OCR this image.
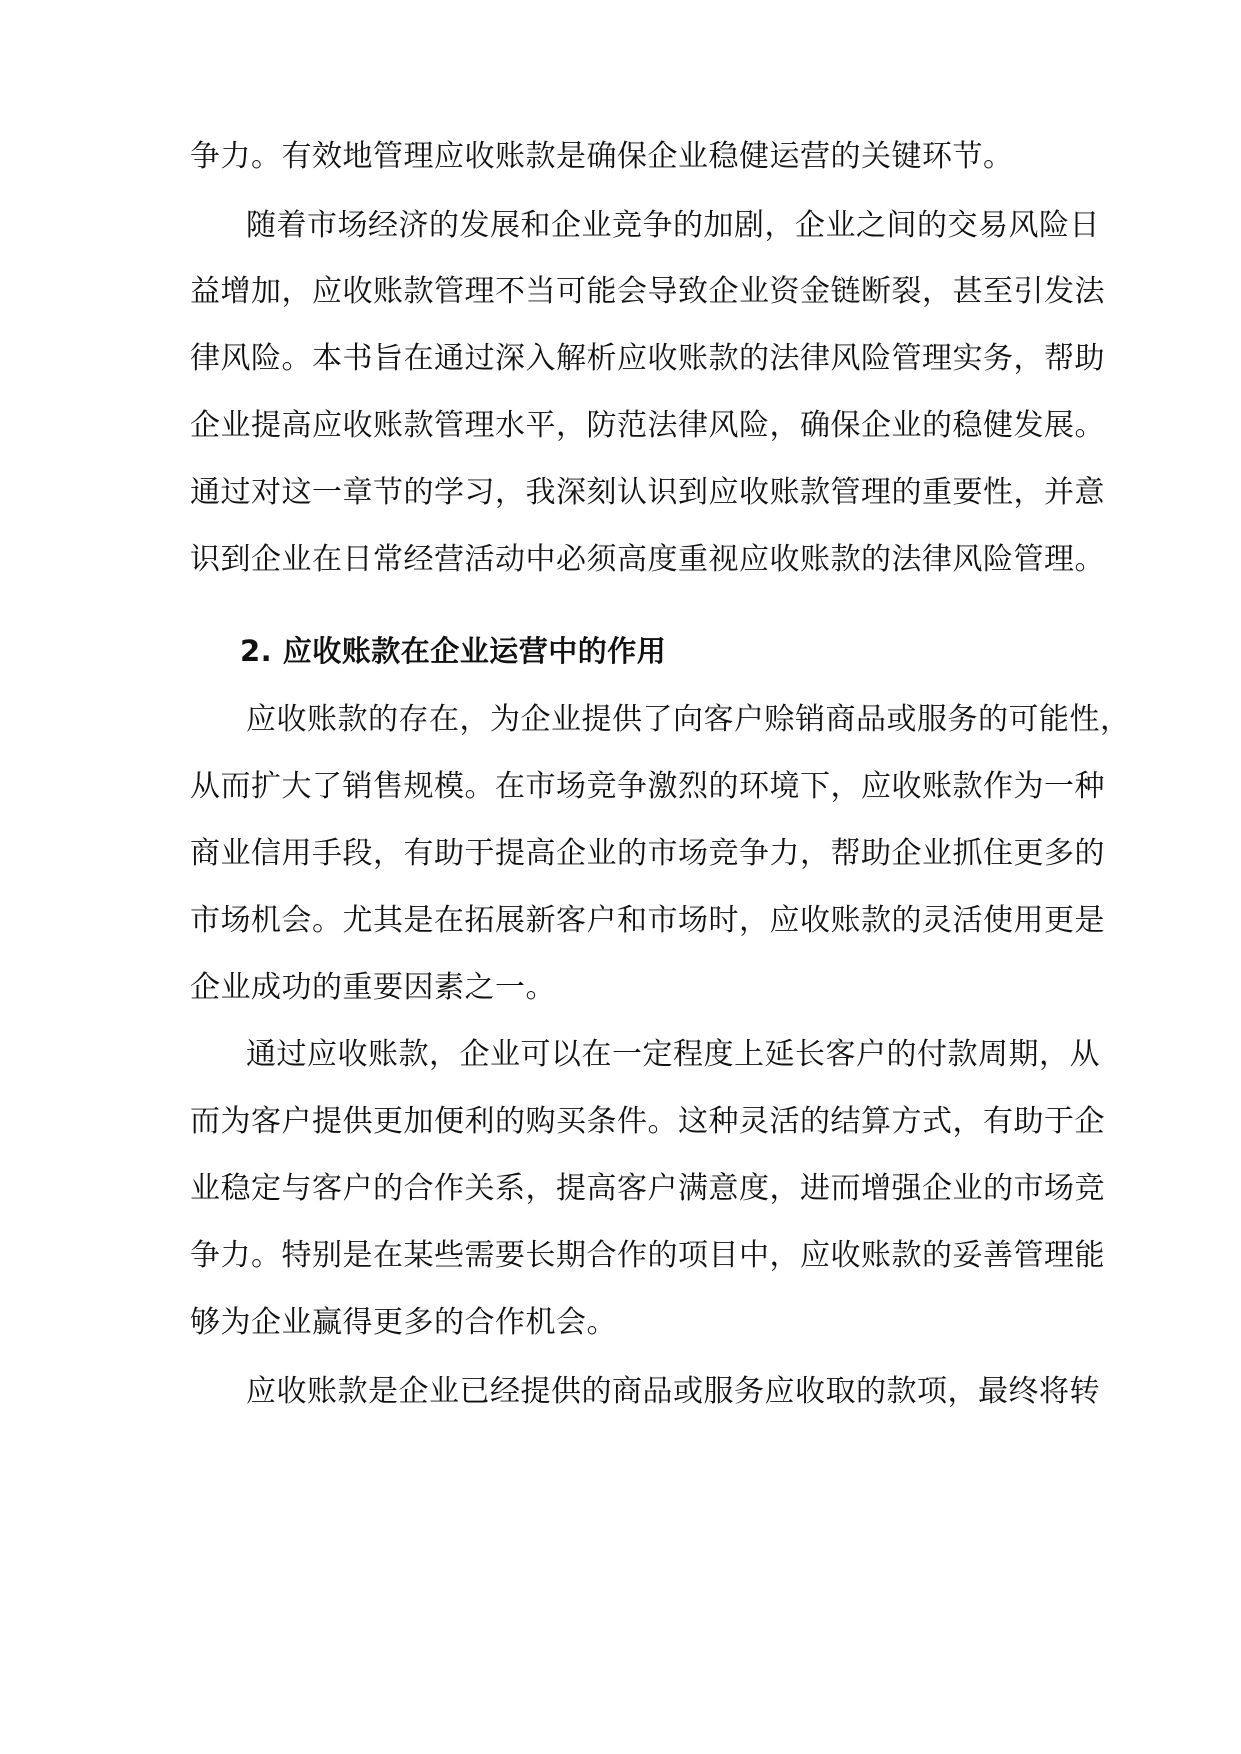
争力。有效地管理应收账款是确保企业稳健运营的关键环节。
随着市场经济的发展和企业竞争的加剧，企业之间的交易风险日
益增加，应收账款管理不当可能会导致企业资金链断裂，甚至引发法
律风险。本书旨在通过深入解析应收账款的法律风险管理实务，帮助
企业提高应收账款管理水平，防范法律风险，确保企业的稳健发展。
通过对这一章节的学习，我深刻认识到应收账款管理的重要性，并意
识到企业在日常经营活动中必须高度重视应收账款的法律风险管理。
2. 应收账款在企业运营中的作用
应收账款的存在，为企业提供了向客户赊销商品或服务的可能性，
从而扩大了销售规模。在市场竞争激烈的环境下，应收账款作为一种
商业信用手段，有助于提高企业的市场竞争力，帮助企业抓住更多的
市场机会。尤其是在拓展新客户和市场时，应收账款的灵活使用更是
企业成功的重要因素之一。
通过应收账款，企业可以在一定程度上延长客户的付款周期，从
而为客户提供更加便利的购买条件。这种灵活的结算方式，有助于企
业稳定与客户的合作关系，提高客户满意度，进而增强企业的市场竞
争力。特别是在某些需要长期合作的项目中，应收账款的妥善管理能
够为企业赢得更多的合作机会。
应收账款是企业已经提供的商品或服务应收取的款项，最终将转
